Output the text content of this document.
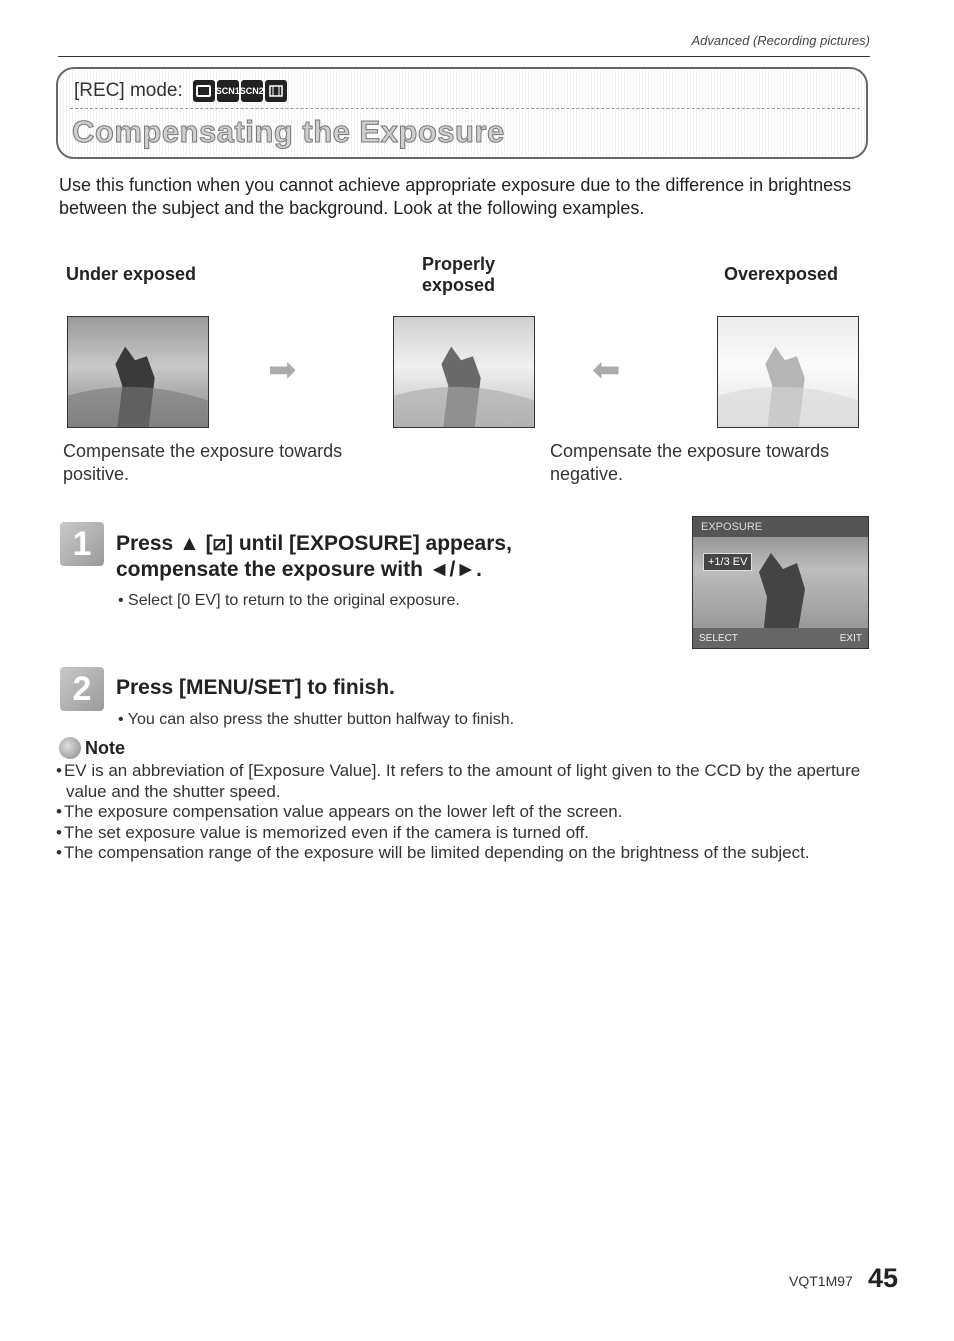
Advanced (Recording pictures)
[REC] mode:	SCN1 SCN2
Compensating the Exposure
Use this function when you cannot achieve appropriate exposure due to the difference in brightness between the subject and the background. Look at the following examples.
Under exposed	Properly
exposed
Overexposed
➡	⬅
Compensate the exposure towards positive.
Compensate the exposure towards negative.
1	Press ▲ [⧄] until [EXPOSURE] appears,
compensate the exposure with ◄/►.
• Select [0 EV] to return to the original exposure.
EXPOSURE
+1/3 EV
SELECT	EXIT
2	Press [MENU/SET] to finish.
• You can also press the shutter button halfway to finish.
Note
• EV is an abbreviation of [Exposure Value]. It refers to the amount of light given to the CCD by the aperture value and the shutter speed.
• The exposure compensation value appears on the lower left of the screen.
• The set exposure value is memorized even if the camera is turned off.
• The compensation range of the exposure will be limited depending on the brightness of the subject.
VQT1M97 45
